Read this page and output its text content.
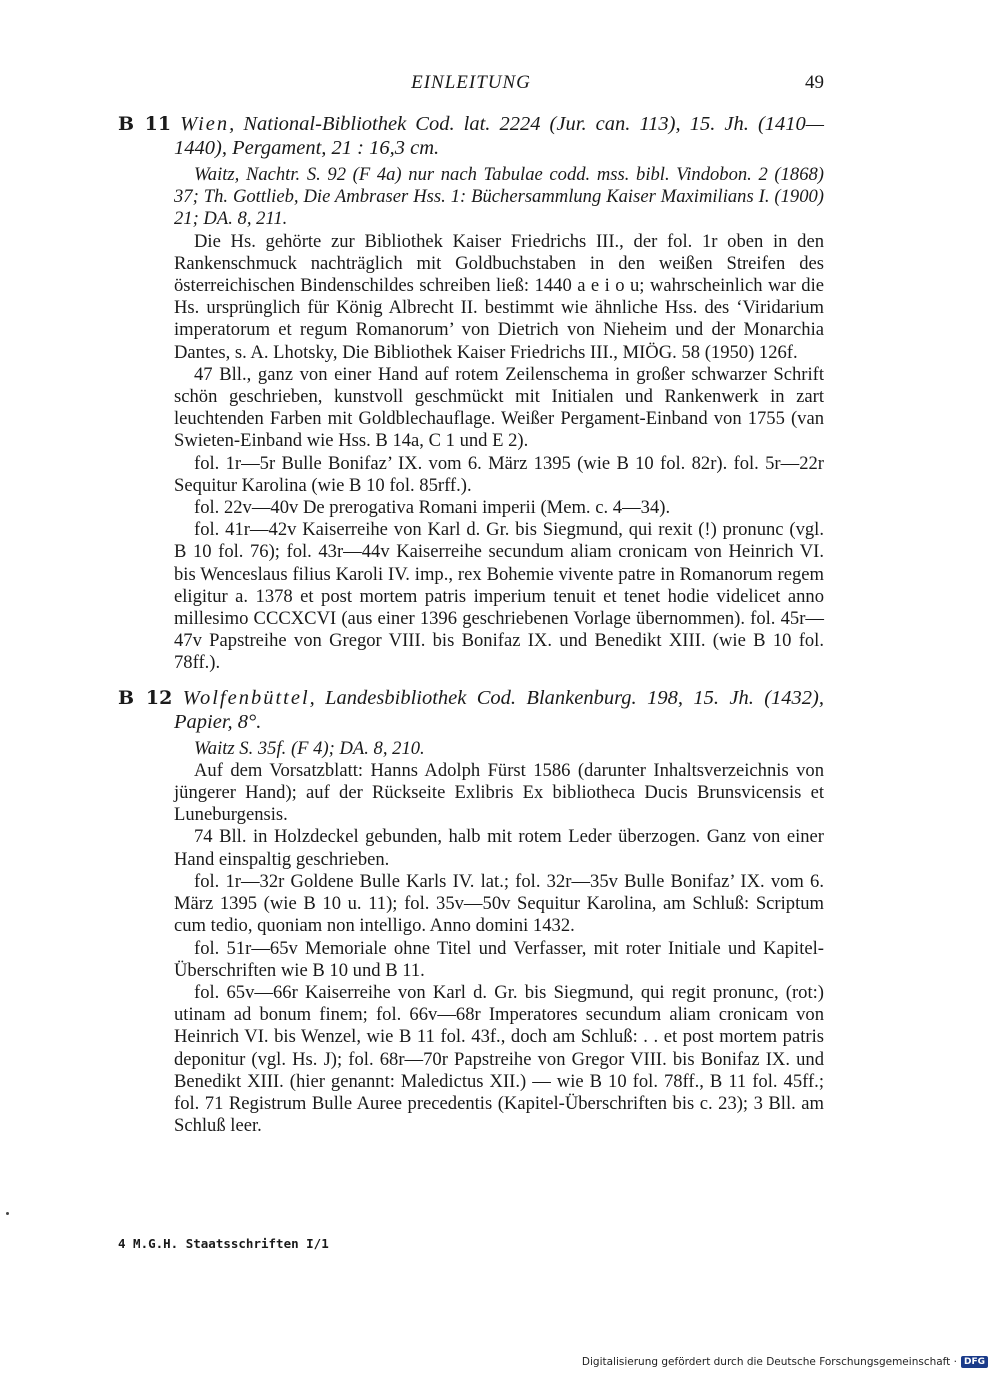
EINLEITUNG	49
B 11 Wien, National-Bibliothek Cod. lat. 2224 (Jur. can. 113), 15. Jh. (1410—1440), Pergament, 21 : 16,3 cm.

Waitz, Nachtr. S. 92 (F 4a) nur nach Tabulae codd. mss. bibl. Vindobon. 2 (1868) 37; Th. Gottlieb, Die Ambraser Hss. 1: Büchersammlung Kaiser Maximilians I. (1900) 21; DA. 8, 211.

Die Hs. gehörte zur Bibliothek Kaiser Friedrichs III., der fol. 1r oben in den Rankenschmuck nachträglich mit Goldbuchstaben in den weißen Streifen des österreichischen Bindenschildes schreiben ließ: 1440 a e i o u; wahrscheinlich war die Hs. ursprünglich für König Albrecht II. bestimmt wie ähnliche Hss. des ‘Viridarium imperatorum et regum Romanorum’ von Dietrich von Nieheim und der Monarchia Dantes, s. A. Lhotsky, Die Bibliothek Kaiser Friedrichs III., MIÖG. 58 (1950) 126f.

47 Bll., ganz von einer Hand auf rotem Zeilenschema in großer schwarzer Schrift schön geschrieben, kunstvoll geschmückt mit Initialen und Rankenwerk in zart leuchtenden Farben mit Goldblechauflage. Weißer Pergament-Einband von 1755 (van Swieten-Einband wie Hss. B 14a, C 1 und E 2).

fol. 1r—5r Bulle Bonifaz’ IX. vom 6. März 1395 (wie B 10 fol. 82r). fol. 5r—22r Sequitur Karolina (wie B 10 fol. 85rff.).

fol. 22v—40v De prerogativa Romani imperii (Mem. c. 4—34).

fol. 41r—42v Kaiserreihe von Karl d. Gr. bis Siegmund, qui rexit (!) pronunc (vgl. B 10 fol. 76); fol. 43r—44v Kaiserreihe secundum aliam cronicam von Heinrich VI. bis Wenceslaus filius Karoli IV. imp., rex Bohemie vivente patre in Romanorum regem eligitur a. 1378 et post mortem patris imperium tenuit et tenet hodie videlicet anno millesimo CCCXCVI (aus einer 1396 geschriebenen Vorlage übernommen). fol. 45r—47v Papstreihe von Gregor VIII. bis Bonifaz IX. und Benedikt XIII. (wie B 10 fol. 78ff.).

B 12 Wolfenbüttel, Landesbibliothek Cod. Blankenburg. 198, 15. Jh. (1432), Papier, 8°.

Waitz S. 35f. (F 4); DA. 8, 210.

Auf dem Vorsatzblatt: Hanns Adolph Fürst 1586 (darunter Inhaltsverzeichnis von jüngerer Hand); auf der Rückseite Exlibris Ex bibliotheca Ducis Brunsvicensis et Luneburgensis.

74 Bll. in Holzdeckel gebunden, halb mit rotem Leder überzogen. Ganz von einer Hand einspaltig geschrieben.

fol. 1r—32r Goldene Bulle Karls IV. lat.; fol. 32r—35v Bulle Bonifaz’ IX. vom 6. März 1395 (wie B 10 u. 11); fol. 35v—50v Sequitur Karolina, am Schluß: Scriptum cum tedio, quoniam non intelligo. Anno domini 1432.

fol. 51r—65v Memoriale ohne Titel und Verfasser, mit roter Initiale und Kapitel-Überschriften wie B 10 und B 11.

fol. 65v—66r Kaiserreihe von Karl d. Gr. bis Siegmund, qui regit pronunc, (rot:) utinam ad bonum finem; fol. 66v—68r Imperatores secundum aliam cronicam von Heinrich VI. bis Wenzel, wie B 11 fol. 43f., doch am Schluß: . . et post mortem patris deponitur (vgl. Hs. J); fol. 68r—70r Papstreihe von Gregor VIII. bis Bonifaz IX. und Benedikt XIII. (hier genannt: Maledictus XII.) — wie B 10 fol. 78ff., B 11 fol. 45ff.; fol. 71 Registrum Bulle Auree precedentis (Kapitel-Überschriften bis c. 23); 3 Bll. am Schluß leer.

4 M.G.H. Staatsschriften I/1
Digitalisierung gefördert durch die Deutsche Forschungsgemeinschaft · DFG
